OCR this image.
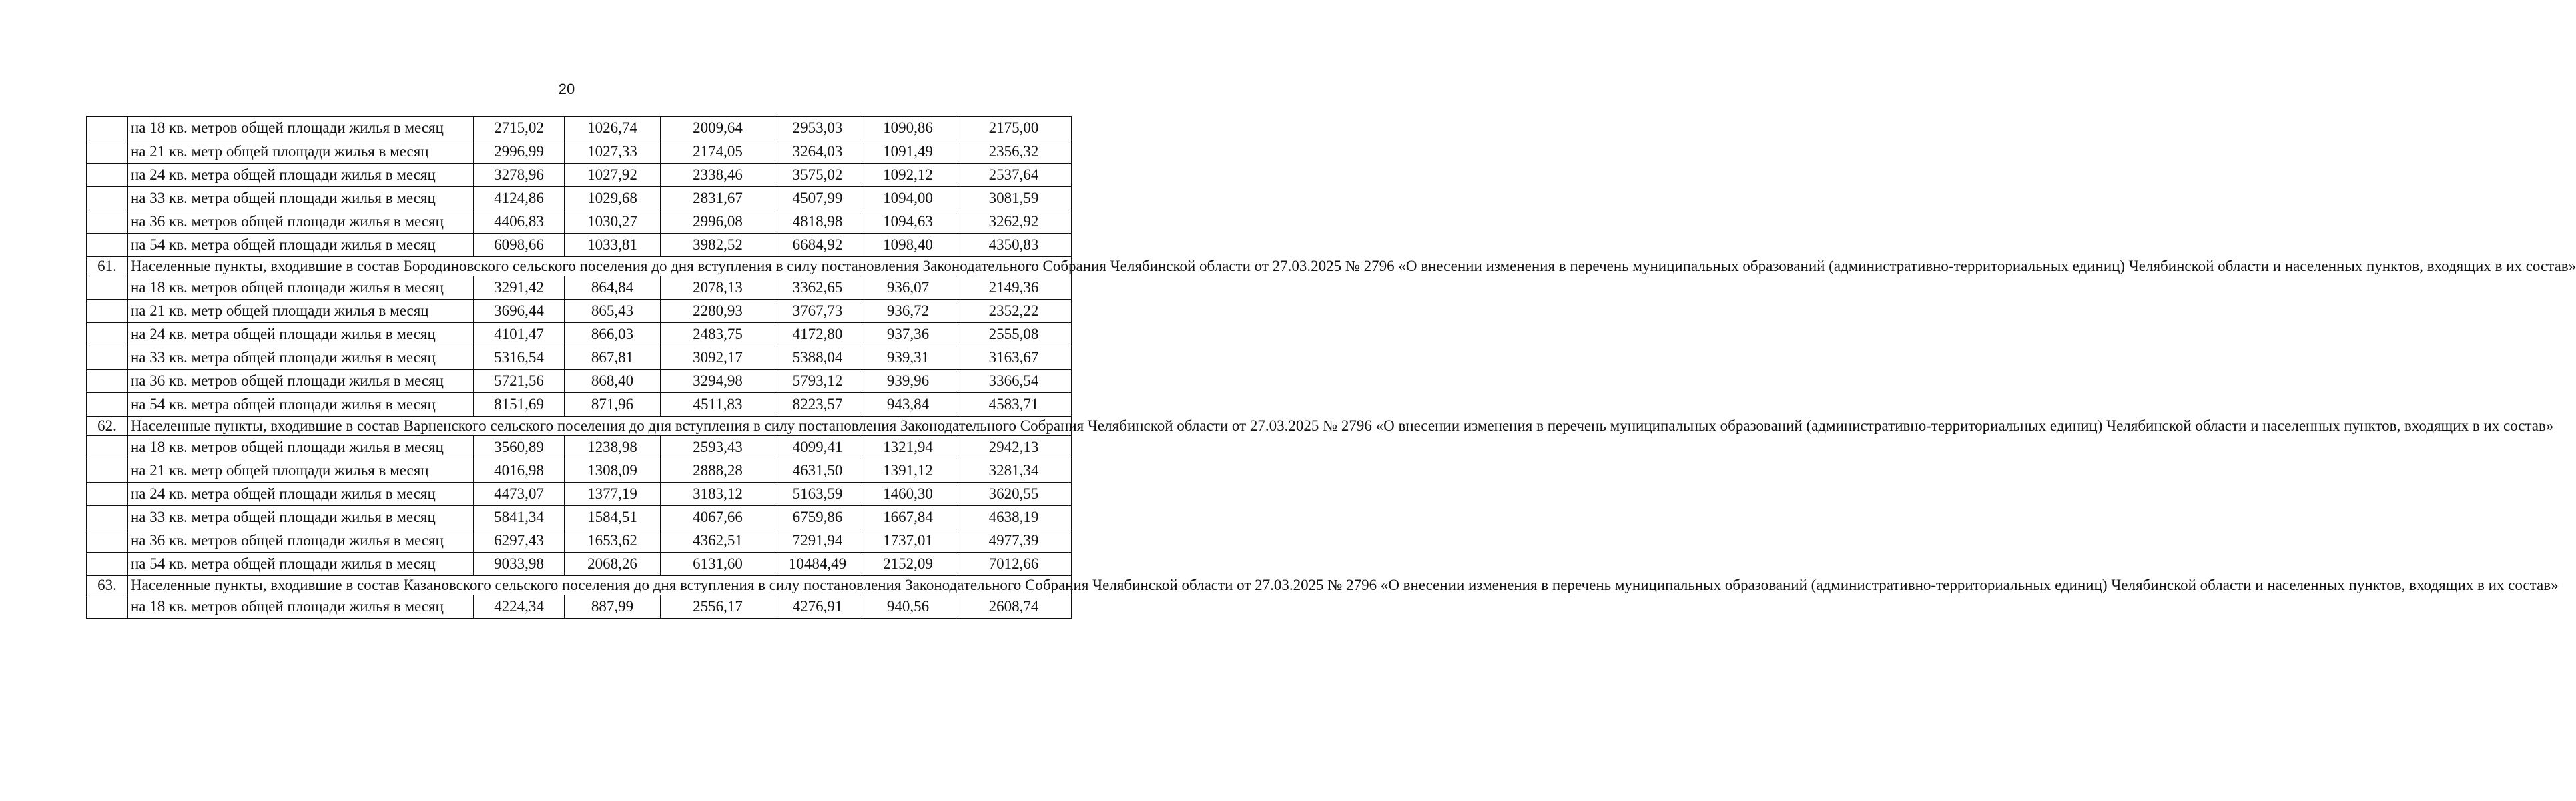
20
	на 18 кв. метров общей площади жилья в месяц	2715,02	1026,74	2009,64	2953,03	1090,86	2175,00
	на 21 кв. метр общей площади жилья в месяц	2996,99	1027,33	2174,05	3264,03	1091,49	2356,32
	на 24 кв. метра общей площади жилья в месяц	3278,96	1027,92	2338,46	3575,02	1092,12	2537,64
	на 33 кв. метра общей площади жилья в месяц	4124,86	1029,68	2831,67	4507,99	1094,00	3081,59
	на 36 кв. метров общей площади жилья в месяц	4406,83	1030,27	2996,08	4818,98	1094,63	3262,92
	на 54 кв. метра общей площади жилья в месяц	6098,66	1033,81	3982,52	6684,92	1098,40	4350,83
61.	Населенные пункты, входившие в состав Бородиновского сельского поселения до дня вступления в силу постановления Законодательного Собрания Челябинской области от 27.03.2025 № 2796 «О внесении изменения в перечень муниципальных образований (административно-территориальных единиц) Челябинской области и населенных пунктов, входящих в их состав»						
	на 18 кв. метров общей площади жилья в месяц	3291,42	864,84	2078,13	3362,65	936,07	2149,36
	на 21 кв. метр общей площади жилья в месяц	3696,44	865,43	2280,93	3767,73	936,72	2352,22
	на 24 кв. метра общей площади жилья в месяц	4101,47	866,03	2483,75	4172,80	937,36	2555,08
	на 33 кв. метра общей площади жилья в месяц	5316,54	867,81	3092,17	5388,04	939,31	3163,67
	на 36 кв. метров общей площади жилья в месяц	5721,56	868,40	3294,98	5793,12	939,96	3366,54
	на 54 кв. метра общей площади жилья в месяц	8151,69	871,96	4511,83	8223,57	943,84	4583,71
62.	Населенные пункты, входившие в состав Варненского сельского поселения до дня вступления в силу постановления Законодательного Собрания Челябинской области от 27.03.2025 № 2796 «О внесении изменения в перечень муниципальных образований (административно-территориальных единиц) Челябинской области и населенных пунктов, входящих в их состав»						
	на 18 кв. метров общей площади жилья в месяц	3560,89	1238,98	2593,43	4099,41	1321,94	2942,13
	на 21 кв. метр общей площади жилья в месяц	4016,98	1308,09	2888,28	4631,50	1391,12	3281,34
	на 24 кв. метра общей площади жилья в месяц	4473,07	1377,19	3183,12	5163,59	1460,30	3620,55
	на 33 кв. метра общей площади жилья в месяц	5841,34	1584,51	4067,66	6759,86	1667,84	4638,19
	на 36 кв. метров общей площади жилья в месяц	6297,43	1653,62	4362,51	7291,94	1737,01	4977,39
	на 54 кв. метра общей площади жилья в месяц	9033,98	2068,26	6131,60	10484,49	2152,09	7012,66
63.	Населенные пункты, входившие в состав Казановского сельского поселения до дня вступления в силу постановления Законодательного Собрания Челябинской области от 27.03.2025 № 2796 «О внесении изменения в перечень муниципальных образований (административно-территориальных единиц) Челябинской области и населенных пунктов, входящих в их состав»						
	на 18 кв. метров общей площади жилья в месяц	4224,34	887,99	2556,17	4276,91	940,56	2608,74
